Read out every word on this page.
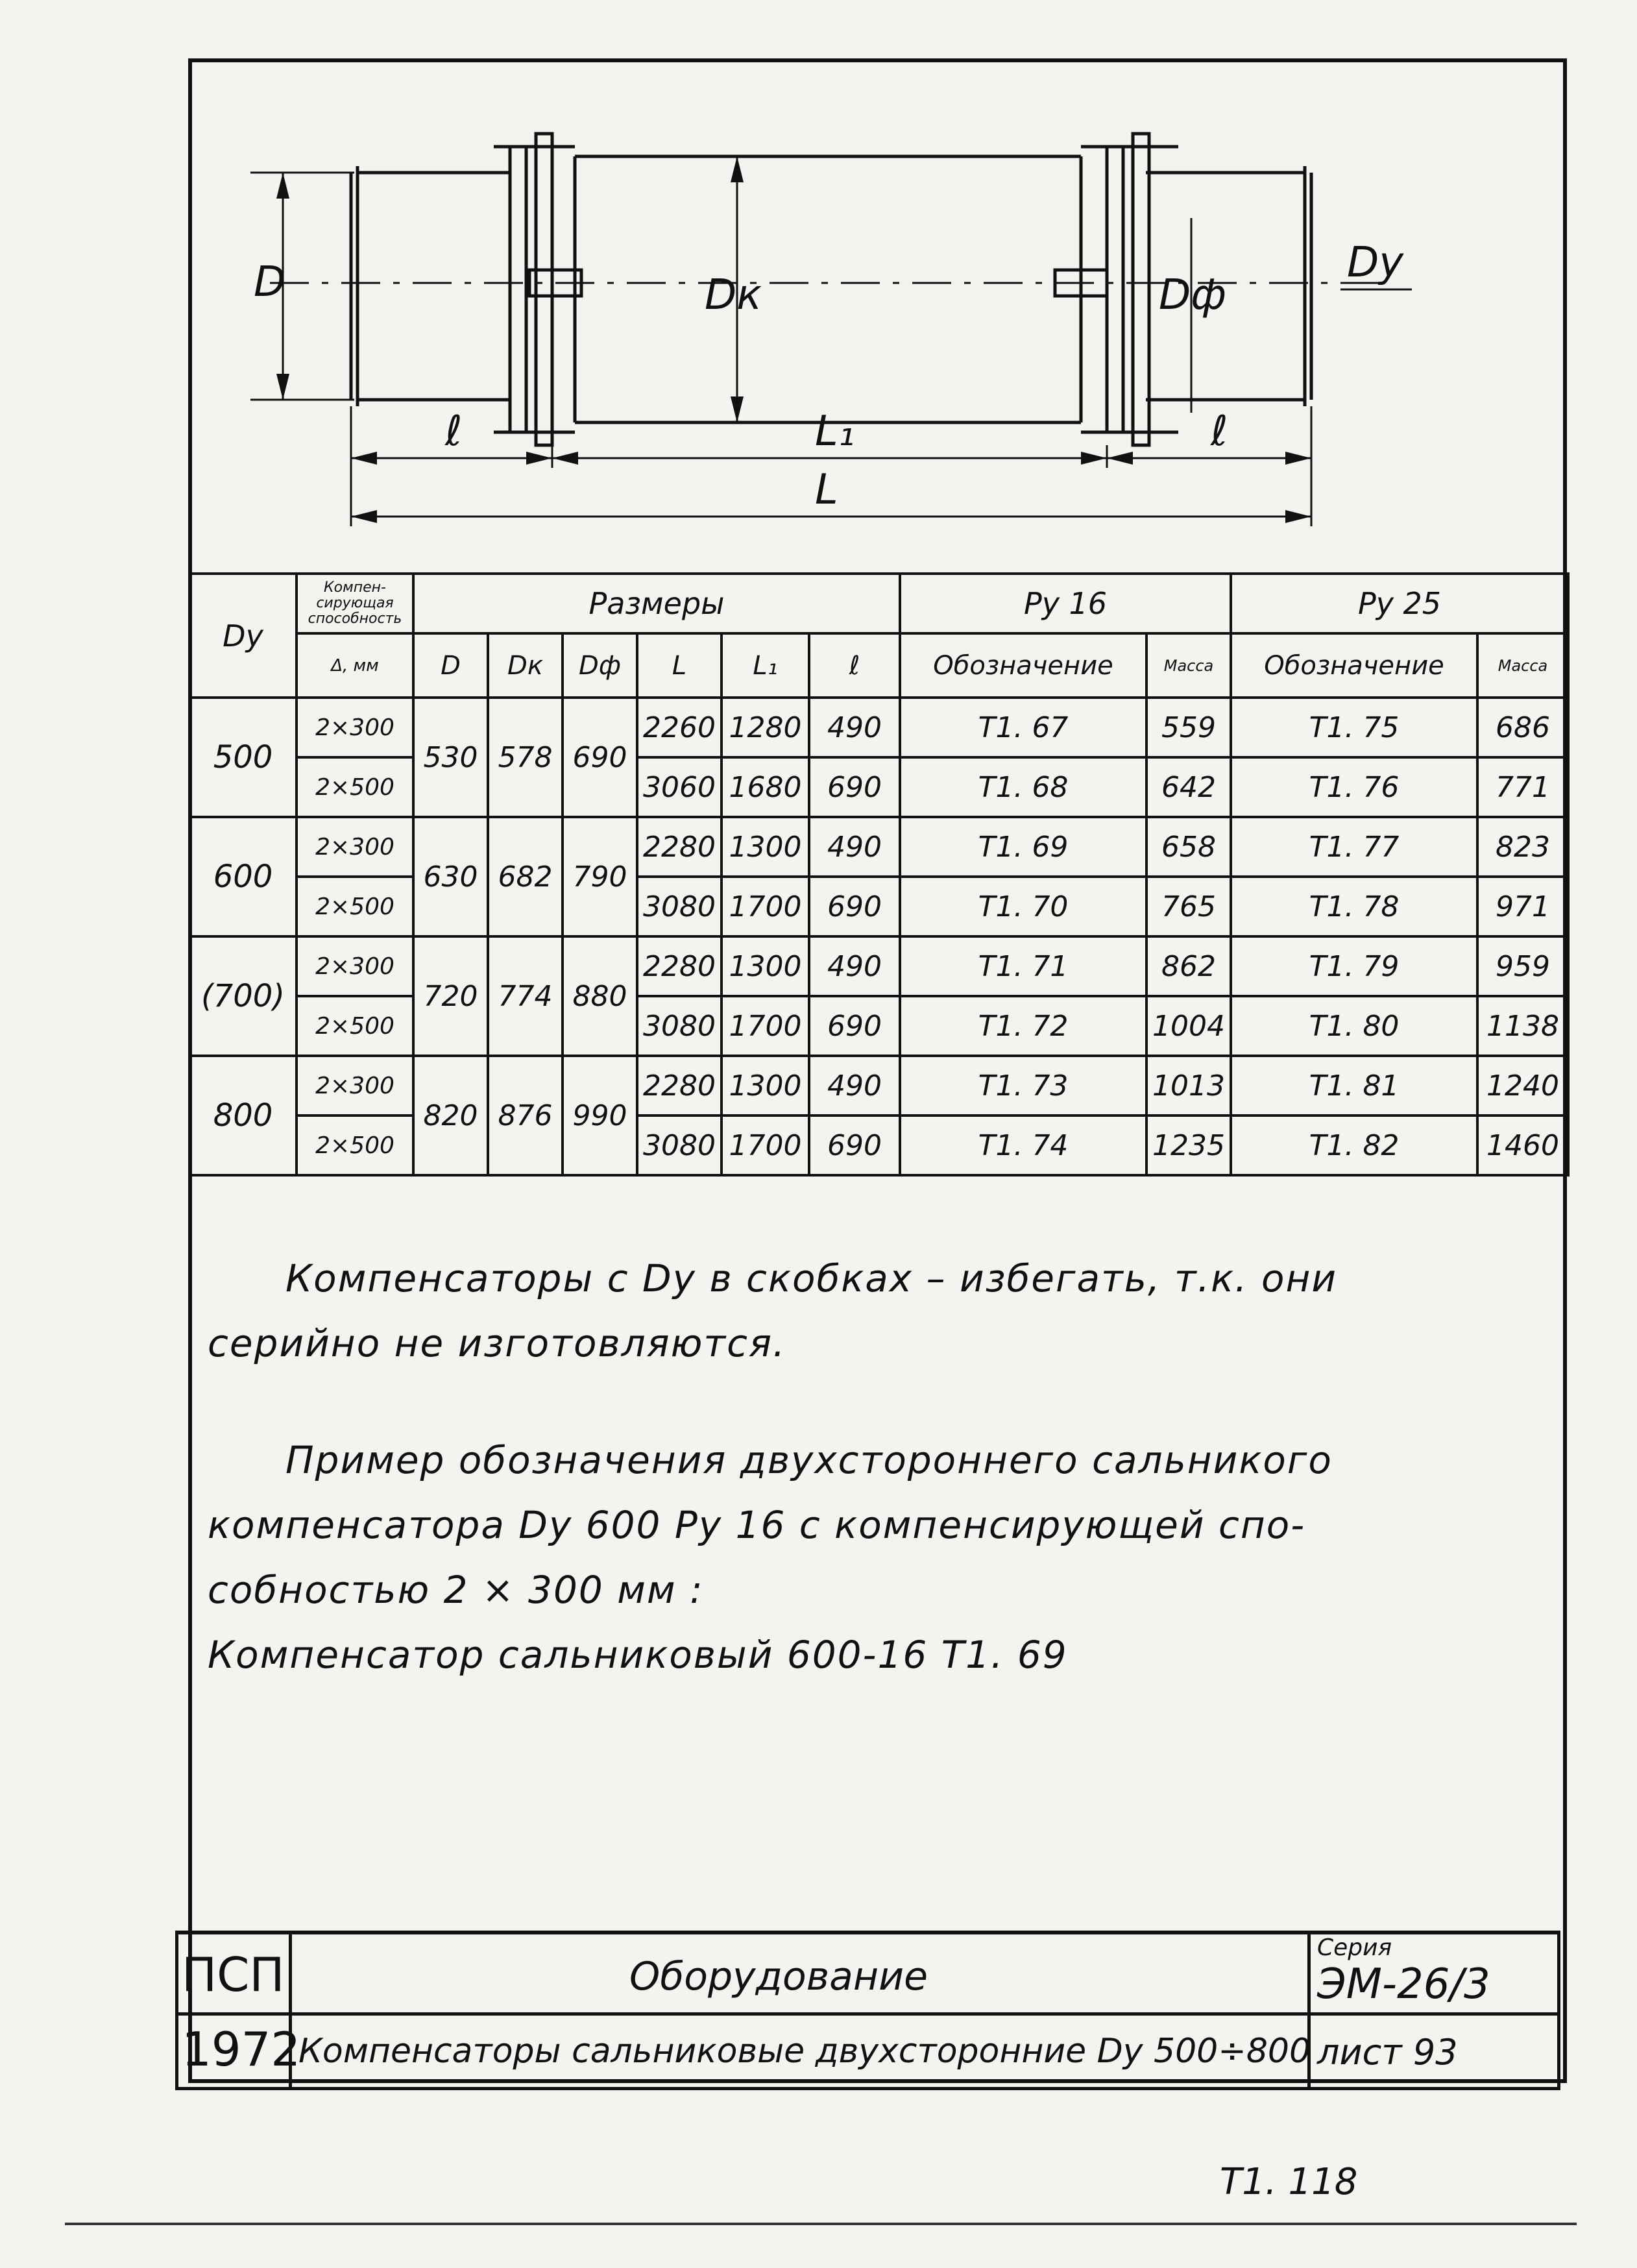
D	Dк	Dф
Dy
ℓ	L₁	ℓ
L
Dу	Компен- сирующая способность	Размеры						Pу 16		Pу 25	
	Δ, мм	D	Dк	Dф	L	L₁	ℓ	Обозначение	Масса	Обозначение	Масса
500	2×300	530	578	690	2260	1280	490	Т1. 67	559	Т1. 75	686
	2×500				3060	1680	690	Т1. 68	642	Т1. 76	771
600	2×300	630	682	790	2280	1300	490	Т1. 69	658	Т1. 77	823
	2×500				3080	1700	690	Т1. 70	765	Т1. 78	971
(700)	2×300	720	774	880	2280	1300	490	Т1. 71	862	Т1. 79	959
	2×500				3080	1700	690	Т1. 72	1004	Т1. 80	1138
800	2×300	820	876	990	2280	1300	490	Т1. 73	1013	Т1. 81	1240
	2×500				3080	1700	690	Т1. 74	1235	Т1. 82	1460
Компенсаторы с Dу в скобках – избегать, т.к. они
серийно не изготовляются.
Пример обозначения двухстороннего сальникого
компенсатора Dу 600 Pу 16 с компенсирующей спо-
собностью 2 × 300 мм :
Компенсатор сальниковый 600-16 Т1. 69
ПСП
1972
Оборудование
Компенсаторы сальниковые двухсторонние Dу 500÷800
Серия
ЭМ-26/3
лист 93
Т1. 118
